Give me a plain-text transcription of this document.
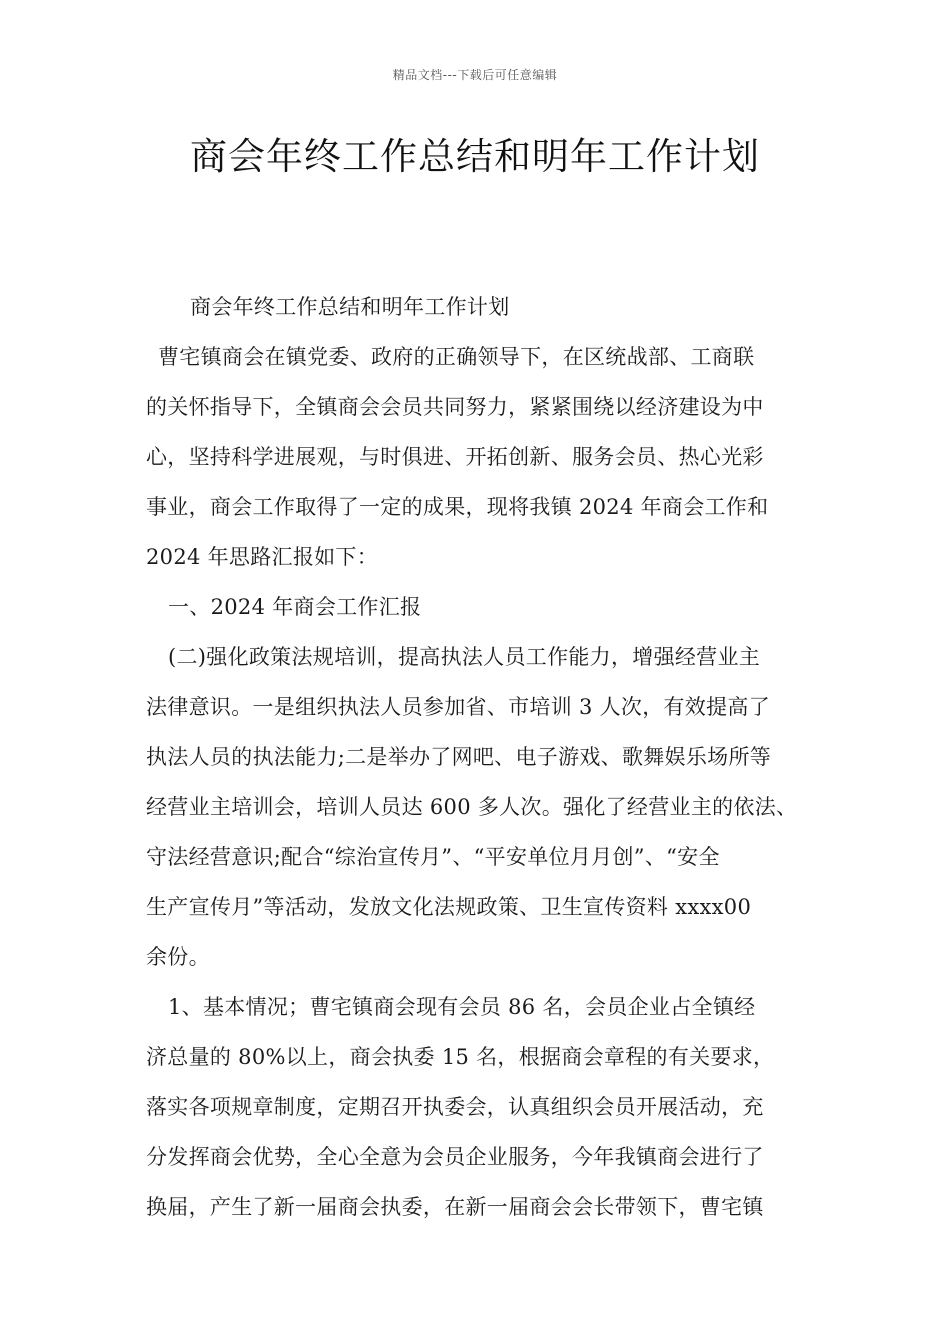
精品文档---下载后可任意编辑
商会年终工作总结和明年工作计划

商会年终工作总结和明年工作计划

曹宅镇商会在镇党委、政府的正确领导下，在区统战部、工商联

的关怀指导下，全镇商会会员共同努力，紧紧围绕以经济建设为中

心，坚持科学进展观，与时俱进、开拓创新、服务会员、热心光彩

事业，商会工作取得了一定的成果，现将我镇 2024 年商会工作和

2024 年思路汇报如下：

一、2024 年商会工作汇报

(二)强化政策法规培训，提高执法人员工作能力，增强经营业主

法律意识。一是组织执法人员参加省、市培训 3 人次，有效提高了

执法人员的执法能力;二是举办了网吧、电子游戏、歌舞娱乐场所等

经营业主培训会，培训人员达 600 多人次。强化了经营业主的依法、

守法经营意识;配合“综治宣传月”、“平安单位月月创”、“安全

生产宣传月”等活动，发放文化法规政策、卫生宣传资料 xxxx00

余份。

1、基本情况；曹宅镇商会现有会员 86 名，会员企业占全镇经

济总量的 80%以上，商会执委 15 名，根据商会章程的有关要求，

落实各项规章制度，定期召开执委会，认真组织会员开展活动，充

分发挥商会优势，全心全意为会员企业服务，今年我镇商会进行了

换届，产生了新一届商会执委，在新一届商会会长带领下，曹宅镇
